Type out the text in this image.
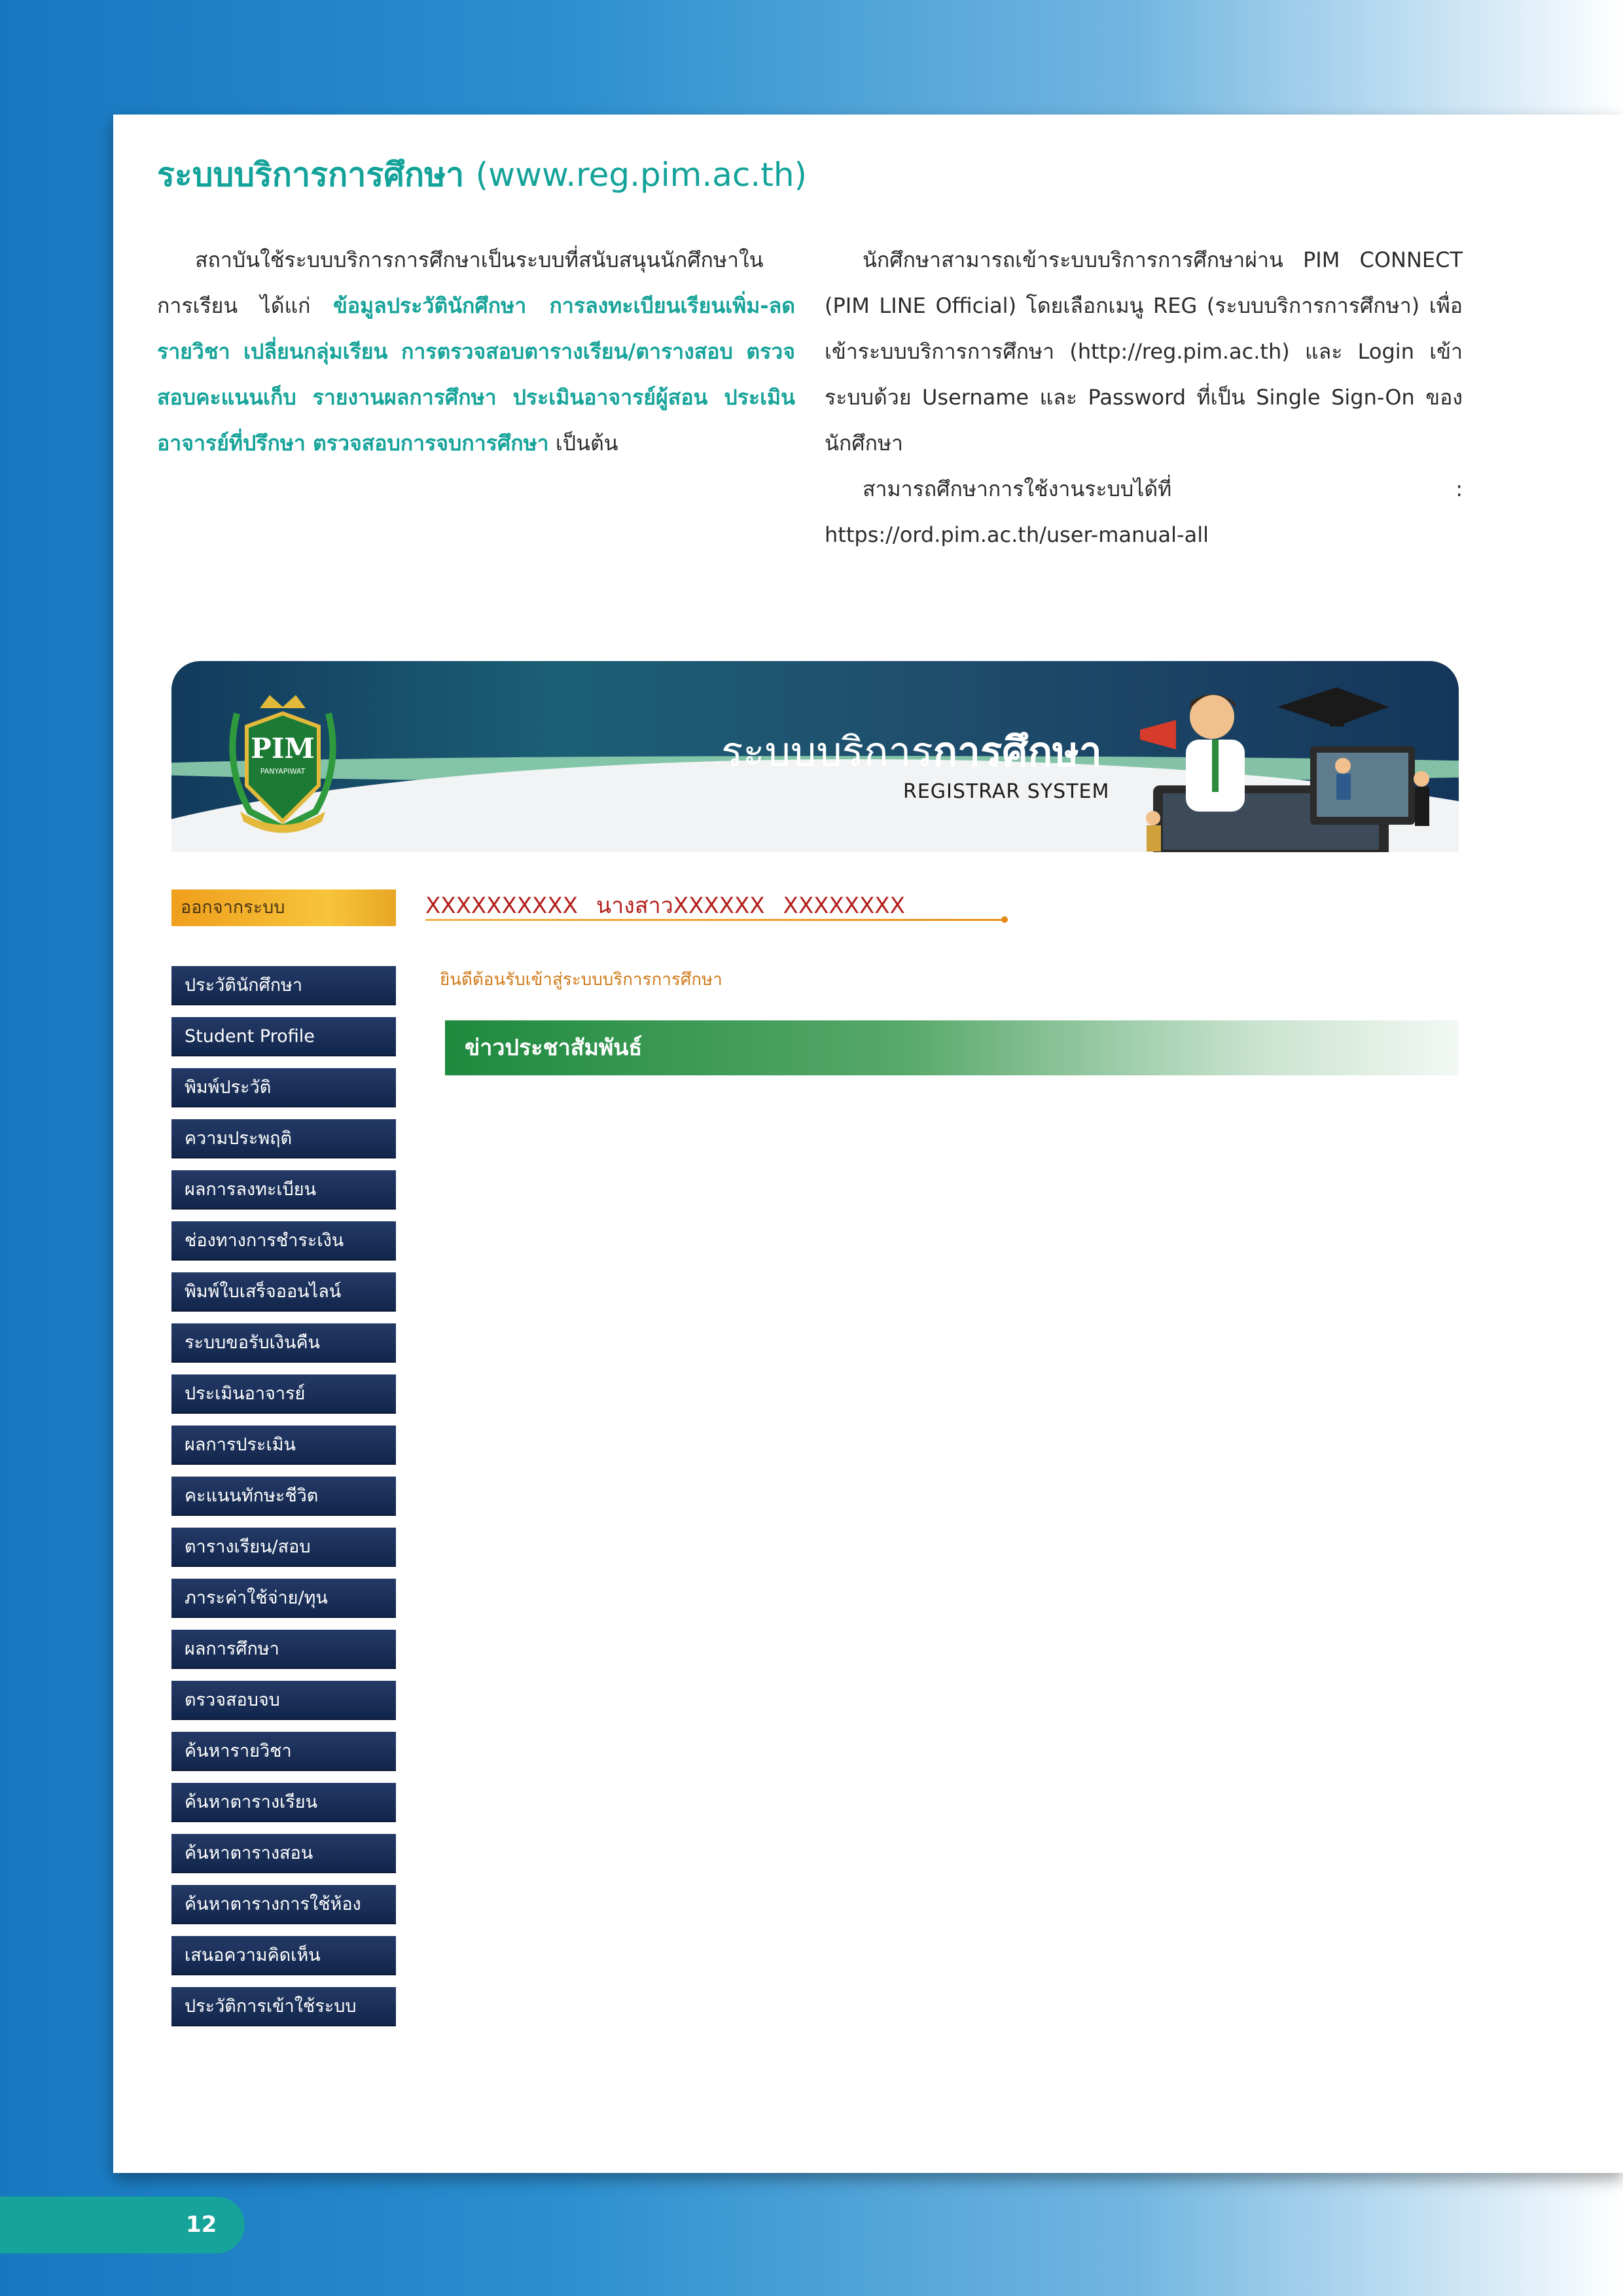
ระบบบริการการศึกษา (www.reg.pim.ac.th)

สถาบันใช้ระบบบริการการศึกษาเป็นระบบที่สนับสนุนนักศึกษาในการเรียน ได้แก่ ข้อมูลประวัตินักศึกษา การลงทะเบียนเรียนเพิ่ม-ลดรายวิชา เปลี่ยนกลุ่มเรียน การตรวจสอบตารางเรียน/ตารางสอบ ตรวจสอบคะแนนเก็บ รายงานผลการศึกษา ประเมินอาจารย์ผู้สอน ประเมินอาจารย์ที่ปรึกษา ตรวจสอบการจบการศึกษา เป็นต้น

นักศึกษาสามารถเข้าระบบบริการการศึกษาผ่าน PIM CONNECT (PIM LINE Official) โดยเลือกเมนู REG (ระบบบริการการศึกษา) เพื่อเข้าระบบบริการการศึกษา (http://reg.pim.ac.th) และ Login เข้าระบบด้วย Username และ Password ที่เป็น Single Sign-On ของนักศึกษา

สามารถศึกษาการใช้งานระบบได้ที่ : https://ord.pim.ac.th/user-manual-all

PIM
PANYAPIWAT	ระบบบริการการศึกษา
REGISTRAR SYSTEM
ออกจากระบบ
ประวัตินักศึกษา
Student Profile
พิมพ์ประวัติ
ความประพฤติ
ผลการลงทะเบียน
ช่องทางการชำระเงิน
พิมพ์ใบเสร็จออนไลน์
ระบบขอรับเงินคืน
ประเมินอาจารย์
ผลการประเมิน
คะแนนทักษะชีวิต
ตารางเรียน/สอบ
ภาระค่าใช้จ่าย/ทุน
ผลการศึกษา
ตรวจสอบจบ
ค้นหารายวิชา
ค้นหาตารางเรียน
ค้นหาตารางสอน
ค้นหาตารางการใช้ห้อง
เสนอความคิดเห็น
ประวัติการเข้าใช้ระบบ
XXXXXXXXXX นางสาวXXXXXX XXXXXXXX
ยินดีต้อนรับเข้าสู่ระบบบริการการศึกษา
ข่าวประชาสัมพันธ์
12
